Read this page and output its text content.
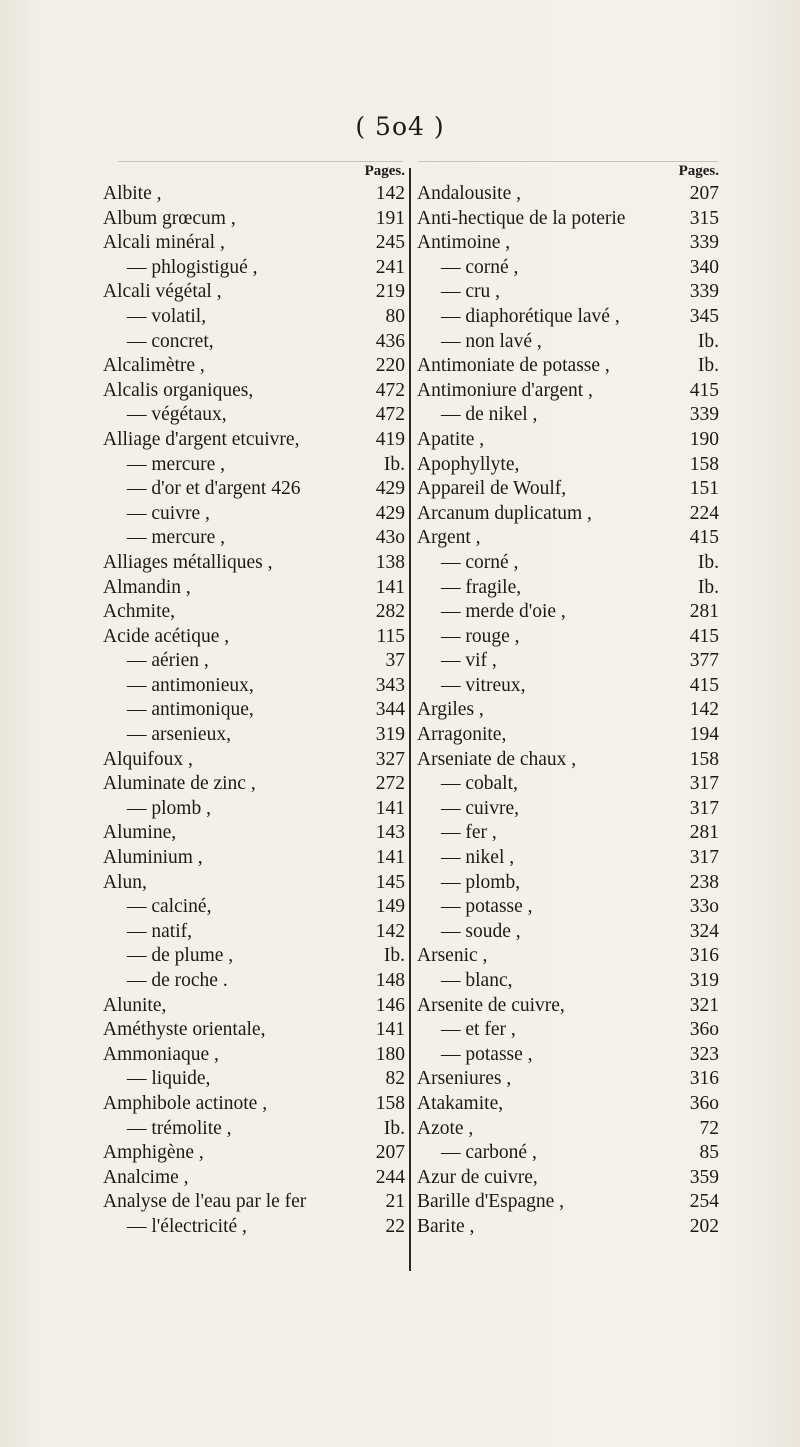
( 5o4 )
Pages.
Albite ,	142
Album grœcum ,	191
Alcali minéral ,	245
— phlogistigué ,	241
Alcali végétal ,	219
— volatil,	80
— concret,	436
Alcalimètre ,	220
Alcalis organiques,	472
— végétaux,	472
Alliage d'argent etcuivre,	419
— mercure ,	Ib.
— d'or et d'argent 426	429
— cuivre ,	429
— mercure ,	43o
Alliages métalliques ,	138
Almandin ,	141
Achmite,	282
Acide acétique ,	115
— aérien ,	37
— antimonieux,	343
— antimonique,	344
— arsenieux,	319
Alquifoux ,	327
Aluminate de zinc ,	272
— plomb ,	141
Alumine,	143
Aluminium ,	141
Alun,	145
— calciné,	149
— natif,	142
— de plume ,	Ib.
— de roche .	148
Alunite,	146
Améthyste orientale,	141
Ammoniaque ,	180
— liquide,	82
Amphibole actinote ,	158
— trémolite ,	Ib.
Amphigène ,	207
Analcime ,	244
Analyse de l'eau par le fer	21
— l'électricité ,	22
Pages.
Andalousite ,	207
Anti-hectique de la poterie	315
Antimoine ,	339
— corné ,	340
— cru ,	339
— diaphorétique lavé ,	345
— non lavé ,	Ib.
Antimoniate de potasse ,	Ib.
Antimoniure d'argent ,	415
— de nikel ,	339
Apatite ,	190
Apophyllyte,	158
Appareil de Woulf,	151
Arcanum duplicatum ,	224
Argent ,	415
— corné ,	Ib.
— fragile,	Ib.
— merde d'oie ,	281
— rouge ,	415
— vif ,	377
— vitreux,	415
Argiles ,	142
Arragonite,	194
Arseniate de chaux ,	158
— cobalt,	317
— cuivre,	317
— fer ,	281
— nikel ,	317
— plomb,	238
— potasse ,	33o
— soude ,	324
Arsenic ,	316
— blanc,	319
Arsenite de cuivre,	321
— et fer ,	36o
— potasse ,	323
Arseniures ,	316
Atakamite,	36o
Azote ,	72
— carboné ,	85
Azur de cuivre,	359
Barille d'Espagne ,	254
Barite ,	202
